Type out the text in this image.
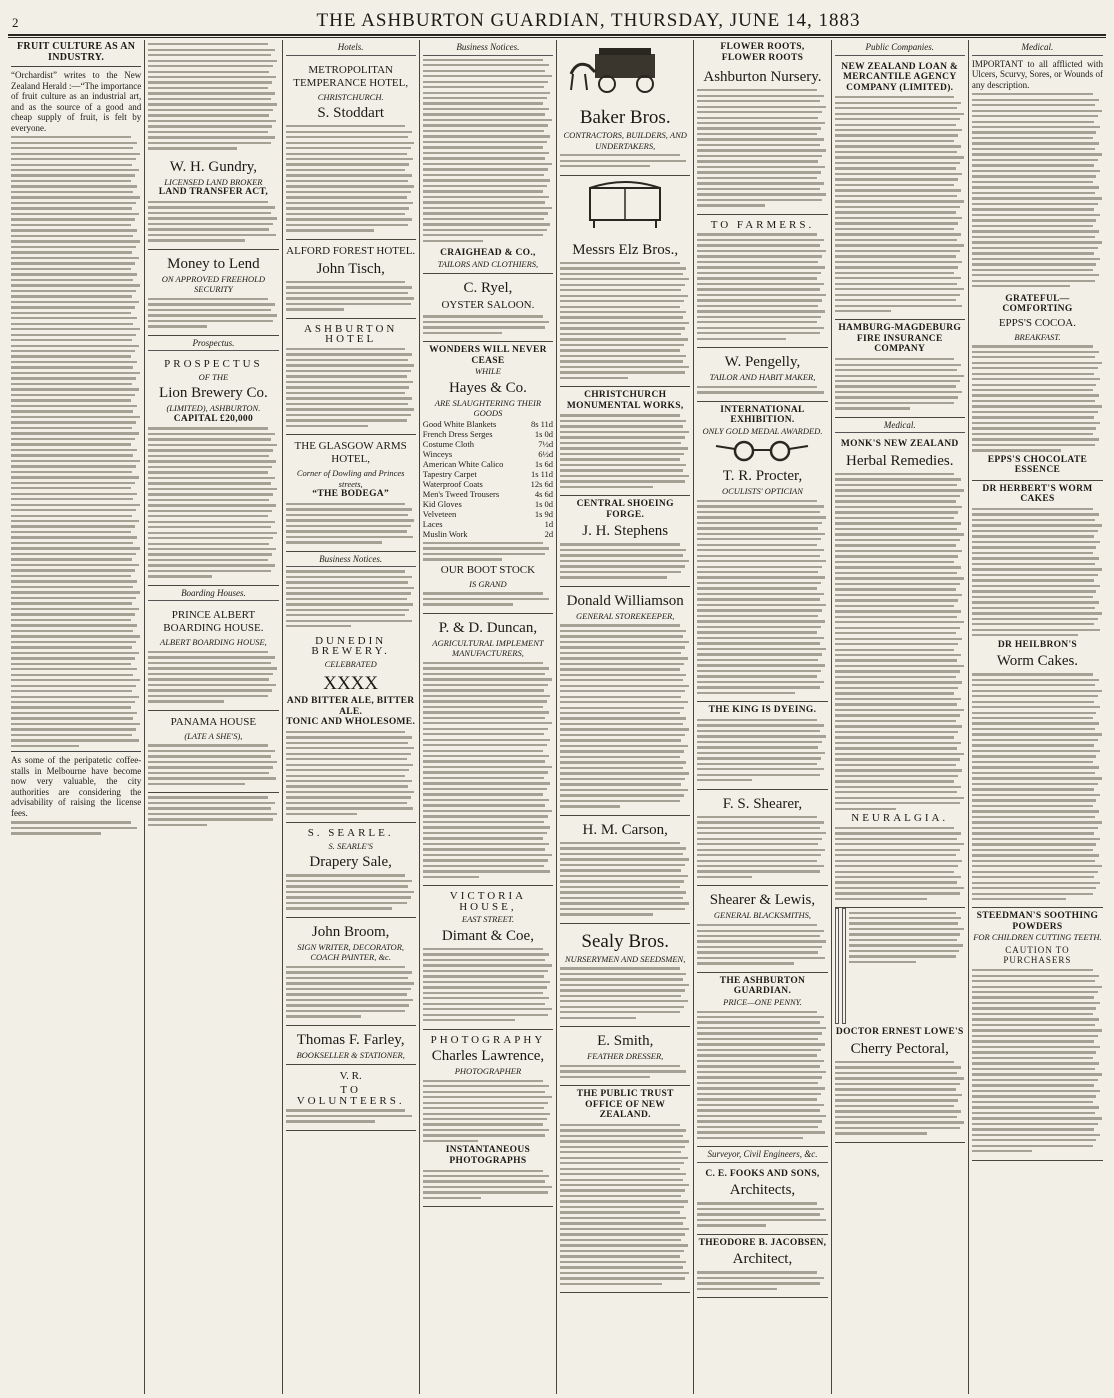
2	THE ASHBURTON GUARDIAN, THURSDAY, JUNE 14, 1883
FRUIT CULTURE AS AN INDUSTRY.
“Orchardist” writes to the New Zealand Herald :—“The importance of fruit culture as an industrial art, and as the source of a good and cheap supply of fruit, is felt by everyone.
As some of the peripatetic coffee-stalls in Melbourne have become now very valuable, the city authorities are considering the advisability of raising the license fees.
W. H. Gundry,
LICENSED LAND BROKER
LAND TRANSFER ACT,
Money to Lend
ON APPROVED FREEHOLD SECURITY
Prospectus.
PROSPECTUS
OF THE
Lion Brewery Co.
(LIMITED), ASHBURTON.
CAPITAL £20,000
Boarding Houses.
PRINCE ALBERT BOARDING HOUSE.
ALBERT BOARDING HOUSE,
PANAMA HOUSE
(LATE A SHE'S),
Hotels.
METROPOLITAN TEMPERANCE HOTEL,
CHRISTCHURCH.
S. Stoddart
ALFORD FOREST HOTEL.
John Tisch,
ASHBURTON HOTEL
THE GLASGOW ARMS HOTEL,
Corner of Dowling and Princes streets,
“THE BODEGA”
Business Notices.
DUNEDIN BREWERY.
CELEBRATED
XXXX
AND BITTER ALE, BITTER ALE.
TONIC AND WHOLESOME.
S. SEARLE.
S. SEARLE'S
Drapery Sale,
John Broom,
SIGN WRITER, DECORATOR, COACH PAINTER, &c.
Thomas F. Farley,
BOOKSELLER & STATIONER,
V. R.
TO VOLUNTEERS.
Business Notices.
CRAIGHEAD & CO.,
TAILORS AND CLOTHIERS,
C. Ryel,
OYSTER SALOON.
WONDERS WILL NEVER CEASE
WHILE
Hayes & Co.
ARE SLAUGHTERING THEIR GOODS
Good White Blankets	8s 11d
French Dress Serges	1s 0d
Costume Cloth	7½d
Winceys	6½d
American White Calico	1s 6d
Tapestry Carpet	1s 11d
Waterproof Coats	12s 6d
Men's Tweed Trousers	4s 6d
Kid Gloves	1s 0d
Velveteen	1s 9d
Laces	1d
Muslin Work	2d
OUR BOOT STOCK
IS GRAND
P. & D. Duncan,
AGRICULTURAL IMPLEMENT MANUFACTURERS,
VICTORIA HOUSE,
EAST STREET.
Dimant & Coe,
PHOTOGRAPHY
Charles Lawrence,
PHOTOGRAPHER
INSTANTANEOUS PHOTOGRAPHS
Baker Bros.
CONTRACTORS, BUILDERS, AND UNDERTAKERS,
Messrs Elz Bros.,
CHRISTCHURCH MONUMENTAL WORKS,
CENTRAL SHOEING FORGE.
J. H. Stephens
Donald Williamson
GENERAL STOREKEEPER,
H. M. Carson,
Sealy Bros.
NURSERYMEN AND SEEDSMEN,
E. Smith,
FEATHER DRESSER,
THE PUBLIC TRUST OFFICE OF NEW ZEALAND.
FLOWER ROOTS, FLOWER ROOTS
Ashburton Nursery.
TO FARMERS.
W. Pengelly,
TAILOR AND HABIT MAKER,
INTERNATIONAL EXHIBITION.
ONLY GOLD MEDAL AWARDED.
T. R. Procter,
OCULISTS' OPTICIAN
THE KING IS DYEING.
F. S. Shearer,
Shearer & Lewis,
GENERAL BLACKSMITHS,
THE ASHBURTON GUARDIAN.
PRICE—ONE PENNY.
Surveyor, Civil Engineers, &c.
C. E. FOOKS AND SONS,
Architects,
THEODORE B. JACOBSEN,
Architect,
Public Companies.
NEW ZEALAND LOAN & MERCANTILE AGENCY COMPANY (LIMITED).
HAMBURG-MAGDEBURG FIRE INSURANCE COMPANY
Medical.
MONK'S NEW ZEALAND
Herbal Remedies.
NEURALGIA.
DOCTOR ERNEST LOWE'S
Cherry Pectoral,
Medical.
IMPORTANT to all afflicted with Ulcers, Scurvy, Sores, or Wounds of any description.
GRATEFUL—COMFORTING
EPPS'S COCOA.
BREAKFAST.
EPPS'S CHOCOLATE ESSENCE
DR HERBERT'S WORM CAKES
DR HEILBRON'S
Worm Cakes.
STEEDMAN'S SOOTHING POWDERS
FOR CHILDREN CUTTING TEETH.
CAUTION TO PURCHASERS
